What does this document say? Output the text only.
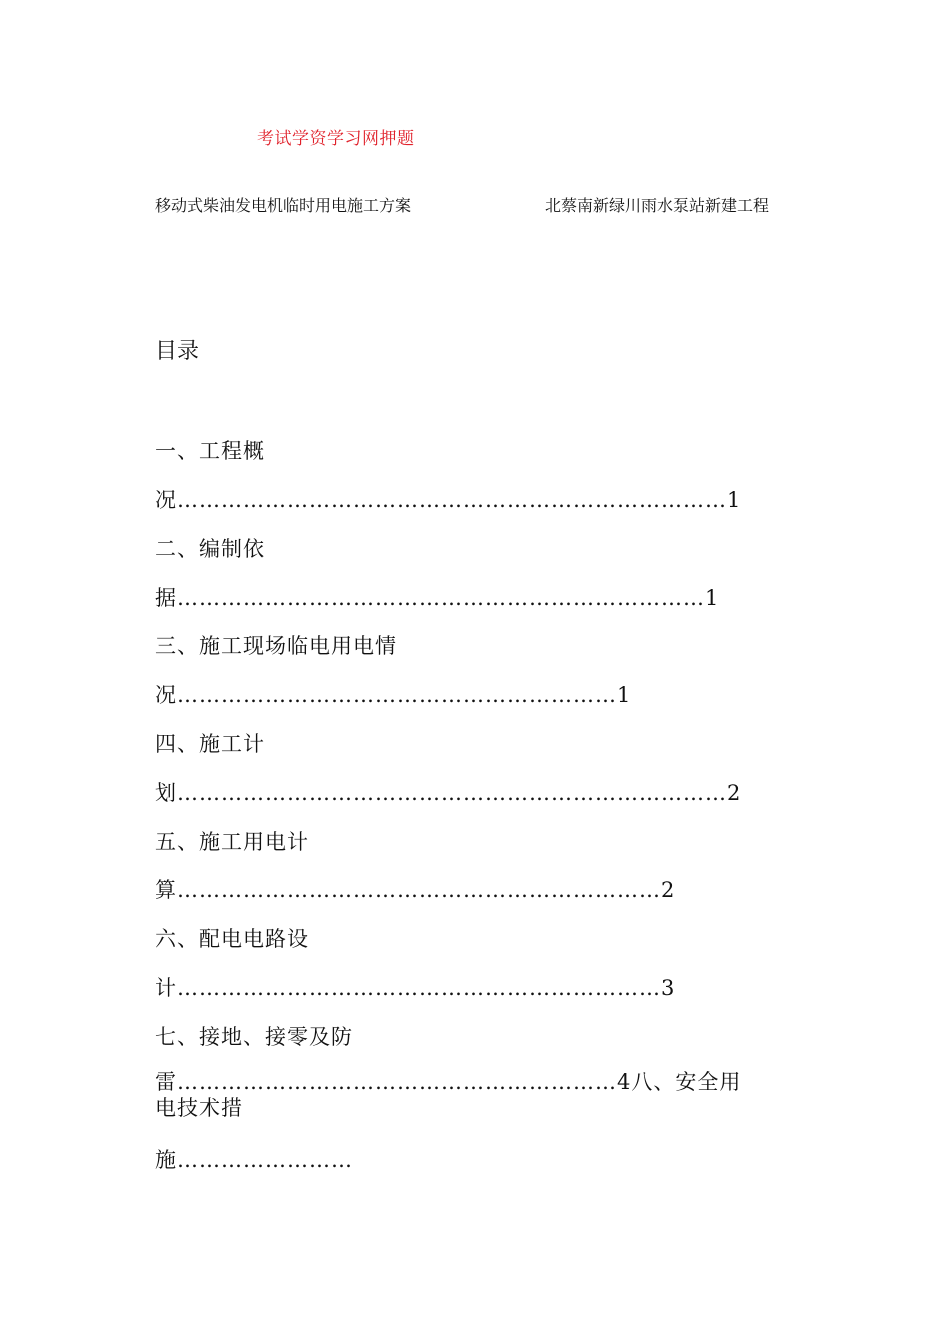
考试学资学习网押题
移动式柴油发电机临时用电施工方案	北蔡南新绿川雨水泵站新建工程
目录
一、工程概
况…………………………………………………………………1
二、编制依
据………………………………………………………………1
三、施工现场临电用电情
况……………………………………………………1
四、施工计
划…………………………………………………………………2
五、施工用电计
算…………………………………………………………2
六、配电电路设
计…………………………………………………………3
七、接地、接零及防
雷……………………………………………………4八、安全用电技术措
施……………………
